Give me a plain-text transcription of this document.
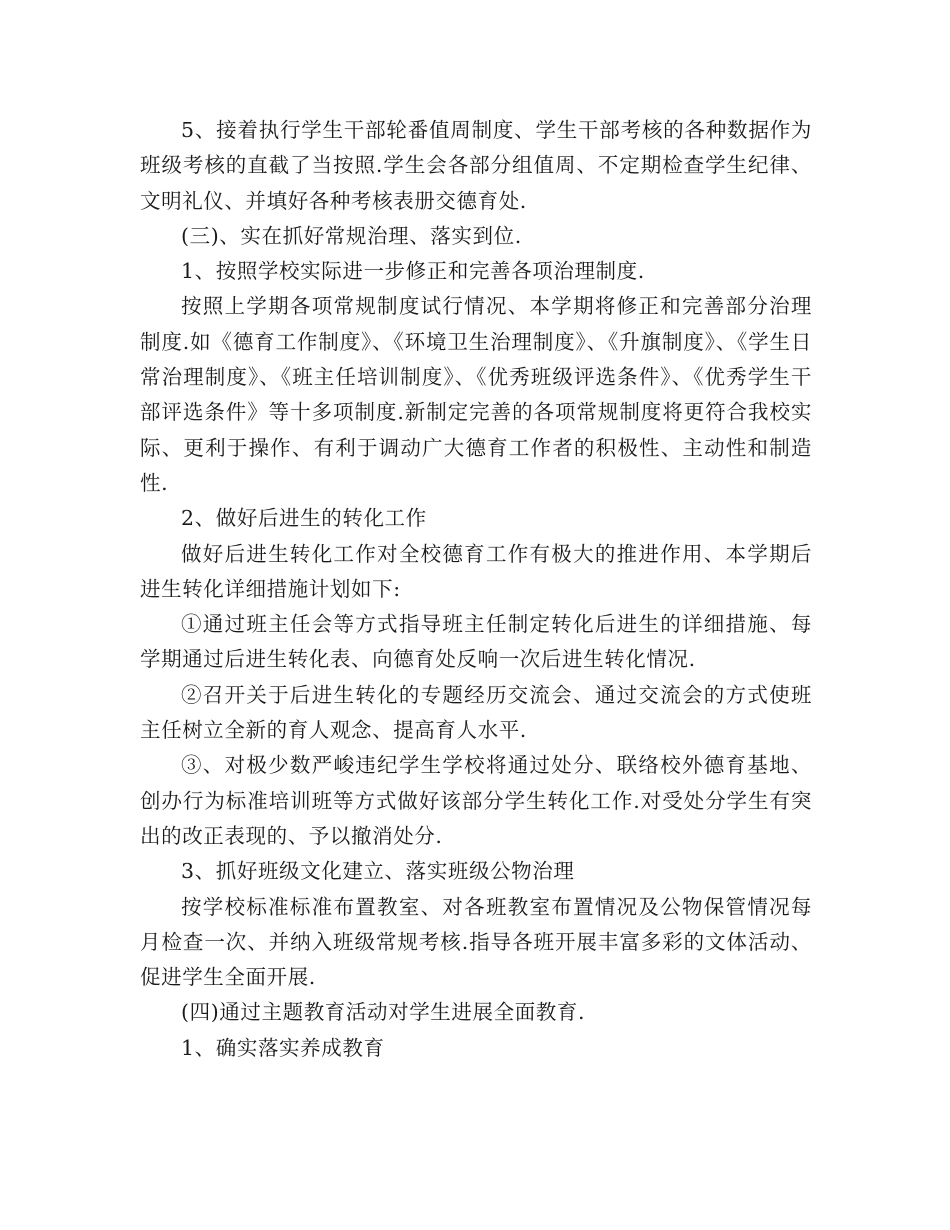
5、接着执行学生干部轮番值周制度、学生干部考核的各种数据作为班级考核的直截了当按照.学生会各部分组值周、不定期检查学生纪律、文明礼仪、并填好各种考核表册交德育处.

(三)、实在抓好常规治理、落实到位.

1、按照学校实际进一步修正和完善各项治理制度.

按照上学期各项常规制度试行情况、本学期将修正和完善部分治理制度.如《德育工作制度》、《环境卫生治理制度》、《升旗制度》、《学生日常治理制度》、《班主任培训制度》、《优秀班级评选条件》、《优秀学生干部评选条件》等十多项制度.新制定完善的各项常规制度将更符合我校实际、更利于操作、有利于调动广大德育工作者的积极性、主动性和制造性.

2、做好后进生的转化工作

做好后进生转化工作对全校德育工作有极大的推进作用、本学期后进生转化详细措施计划如下:

①通过班主任会等方式指导班主任制定转化后进生的详细措施、每学期通过后进生转化表、向德育处反响一次后进生转化情况.

②召开关于后进生转化的专题经历交流会、通过交流会的方式使班主任树立全新的育人观念、提高育人水平.

③、对极少数严峻违纪学生学校将通过处分、联络校外德育基地、创办行为标准培训班等方式做好该部分学生转化工作.对受处分学生有突出的改正表现的、予以撤消处分.

3、抓好班级文化建立、落实班级公物治理

按学校标准标准布置教室、对各班教室布置情况及公物保管情况每月检查一次、并纳入班级常规考核.指导各班开展丰富多彩的文体活动、促进学生全面开展.

(四)通过主题教育活动对学生进展全面教育.

1、确实落实养成教育
